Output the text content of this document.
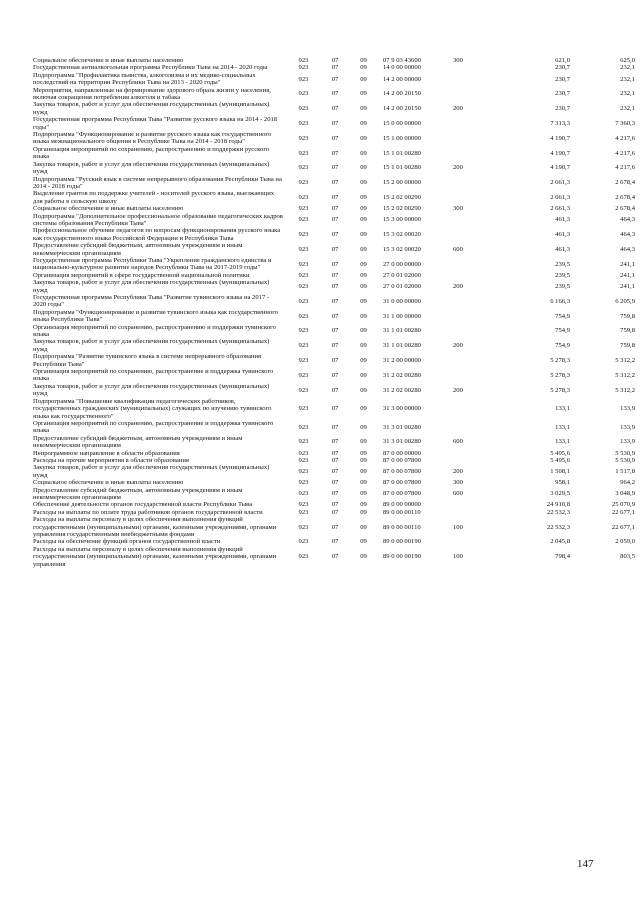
Социальное обеспечение и иные выплаты населению	923	07	09	07 9 03 43600	300	621,0	625,0
Государственная антиалкогольная программа Республики Тыва на 2014 - 2020 годы	923	07	09	14 0 00 00000		230,7	232,1
Подпрограмма "Профилактика пьянства, алкоголизма и их медико-социальных последствий на территории Республики Тыва на 2013 - 2020 годы"	923	07	09	14 2 00 00000		230,7	232,1
Мероприятия, направленные на формирование здорового образа жизни у населения, включая сокращения потребления алкоголя и табака	923	07	09	14 2 00 20150		230,7	232,1
Закупка товаров, работ и услуг для обеспечения государственных (муниципальных) нужд	923	07	09	14 2 00 20150	200	230,7	232,1
Государственная программа Республики Тыва "Развитие русского языка на 2014 - 2018 годы"	923	07	09	15 0 00 00000		7 313,3	7 360,3
Подпрограмма "Функционирование и развитие русского языка как государственного языка межнационального общения в Республике Тыва на 2014 - 2018 годы"	923	07	09	15 1 00 00000		4 190,7	4 217,6
Организация мероприятий по сохранению, распространению и поддержки русского языка	923	07	09	15 1 01 00280		4 190,7	4 217,6
Закупка товаров, работ и услуг для обеспечения государственных (муниципальных) нужд	923	07	09	15 1 01 00280	200	4 190,7	4 217,6
Подпрограмма "Русский язык в системе непрерывного образования Республики Тыва на 2014 - 2018 годы"	923	07	09	15 2 00 00000		2 661,3	2 678,4
Выделение грантов по поддержке учителей - носителей русского языка, выезжающих для работы в сельскую школу	923	07	09	15 2 02 00290		2 661,3	2 678,4
Социальное обеспечение и иные выплаты населению	923	07	09	15 2 02 00290	300	2 661,3	2 678,4
Подпрограмма "Дополнительное профессиональное образование педагогических кадров системы образования Республики Тыва"	923	07	09	15 3 00 00000		461,3	464,3
Профессиональное обучение педагогов по вопросам функционирования русского языка как государственного языка Российской Федерации и Республики Тыва	923	07	09	15 3 02 00020		461,3	464,3
Предоставление субсидий бюджетным, автономным учреждениям и иным некоммерческим организациям	923	07	09	15 3 02 00020	600	461,3	464,3
Государственная программа Республики Тыва "Укрепление гражданского единства и национально-культурное развитие народов Республики Тыва на 2017-2019 годы"	923	07	09	27 0 00 00000		239,5	241,1
Организация мероприятий в сфере государственной национальной политики	923	07	09	27 0 01 02000		239,5	241,1
Закупка товаров, работ и услуг для обеспечения государственных (муниципальных) нужд	923	07	09	27 0 01 02000	200	239,5	241,1
Государственная программа Республики Тыва "Развитие тувинского языка на 2017 - 2020 годы"	923	07	09	31 0 00 00000		6 166,3	6 205,9
Подпрограмма "Функционирование и развитие тувинского языка как государственного языка Республики Тыва"	923	07	09	31 1 00 00000		754,9	759,8
Организация мероприятий по сохранению, распространению и поддержки тувинского языка	923	07	09	31 1 01 00280		754,9	759,8
Закупка товаров, работ и услуг для обеспечения государственных (муниципальных) нужд	923	07	09	31 1 01 00280	200	754,9	759,8
Подпрограмма "Развитие тувинского языка в системе непрерывного образования Республики Тыва"	923	07	09	31 2 00 00000		5 278,3	5 312,2
Организация мероприятий по сохранению, распространение и поддержка тувинского языка	923	07	09	31 2 02 00280		5 278,3	5 312,2
Закупка товаров, работ и услуг для обеспечения государственных (муниципальных) нужд	923	07	09	31 2 02 00280	200	5 278,3	5 312,2
Подпрограмма "Повышение квалификации педагогических работников, государственных гражданских (муниципальных) служащих по изучению тувинского языка как государственного"	923	07	09	31 3 00 00000		133,1	133,9
Организация мероприятий по сохранению, распространение и поддержка тувинского языка	923	07	09	31 3 01 00280		133,1	133,9
Предоставление субсидий бюджетным, автономным учреждениям и иным некоммерческим организациям	923	07	09	31 3 01 00280	600	133,1	133,9
Непрограммное направление в области образования	923	07	09	87 0 00 00000		5 495,6	5 530,9
Расходы на прочие мероприятия в области образования	923	07	09	87 0 00 07800		5 495,6	5 530,9
Закупка товаров, работ и услуг для обеспечения государственных (муниципальных) нужд	923	07	09	87 0 00 07800	200	1 508,1	1 517,8
Социальное обеспечение и иные выплаты населению	923	07	09	87 0 00 07800	300	958,1	964,2
Предоставление субсидий бюджетным, автономным учреждениям и иным некоммерческим организациям	923	07	09	87 0 00 07800	600	3 029,5	3 048,9
Обеспечение деятельности органов государственной власти Республики Тыва	923	07	09	89 0 00 00000		24 910,8	25 070,9
Расходы на выплаты по оплате труда работников органов государственной власти	923	07	09	89 0 00 00110		22 532,3	22 677,1
Расходы на выплаты персоналу в целях обеспечения выполнения функций государственными (муниципальными) органами, казенными учреждениями, органами управления государственными внебюджетными фондами	923	07	09	89 0 00 00110	100	22 532,3	22 677,1
Расходы на обеспечение функций органов государственной власти	923	07	09	89 0 00 00190		2 045,8	2 059,0
Расходы на выплаты персоналу в целях обеспечения выполнения функций государственными (муниципальными) органами, казенными учреждениями, органами управления	923	07	09	89 0 00 00190	100	798,4	803,5
147
